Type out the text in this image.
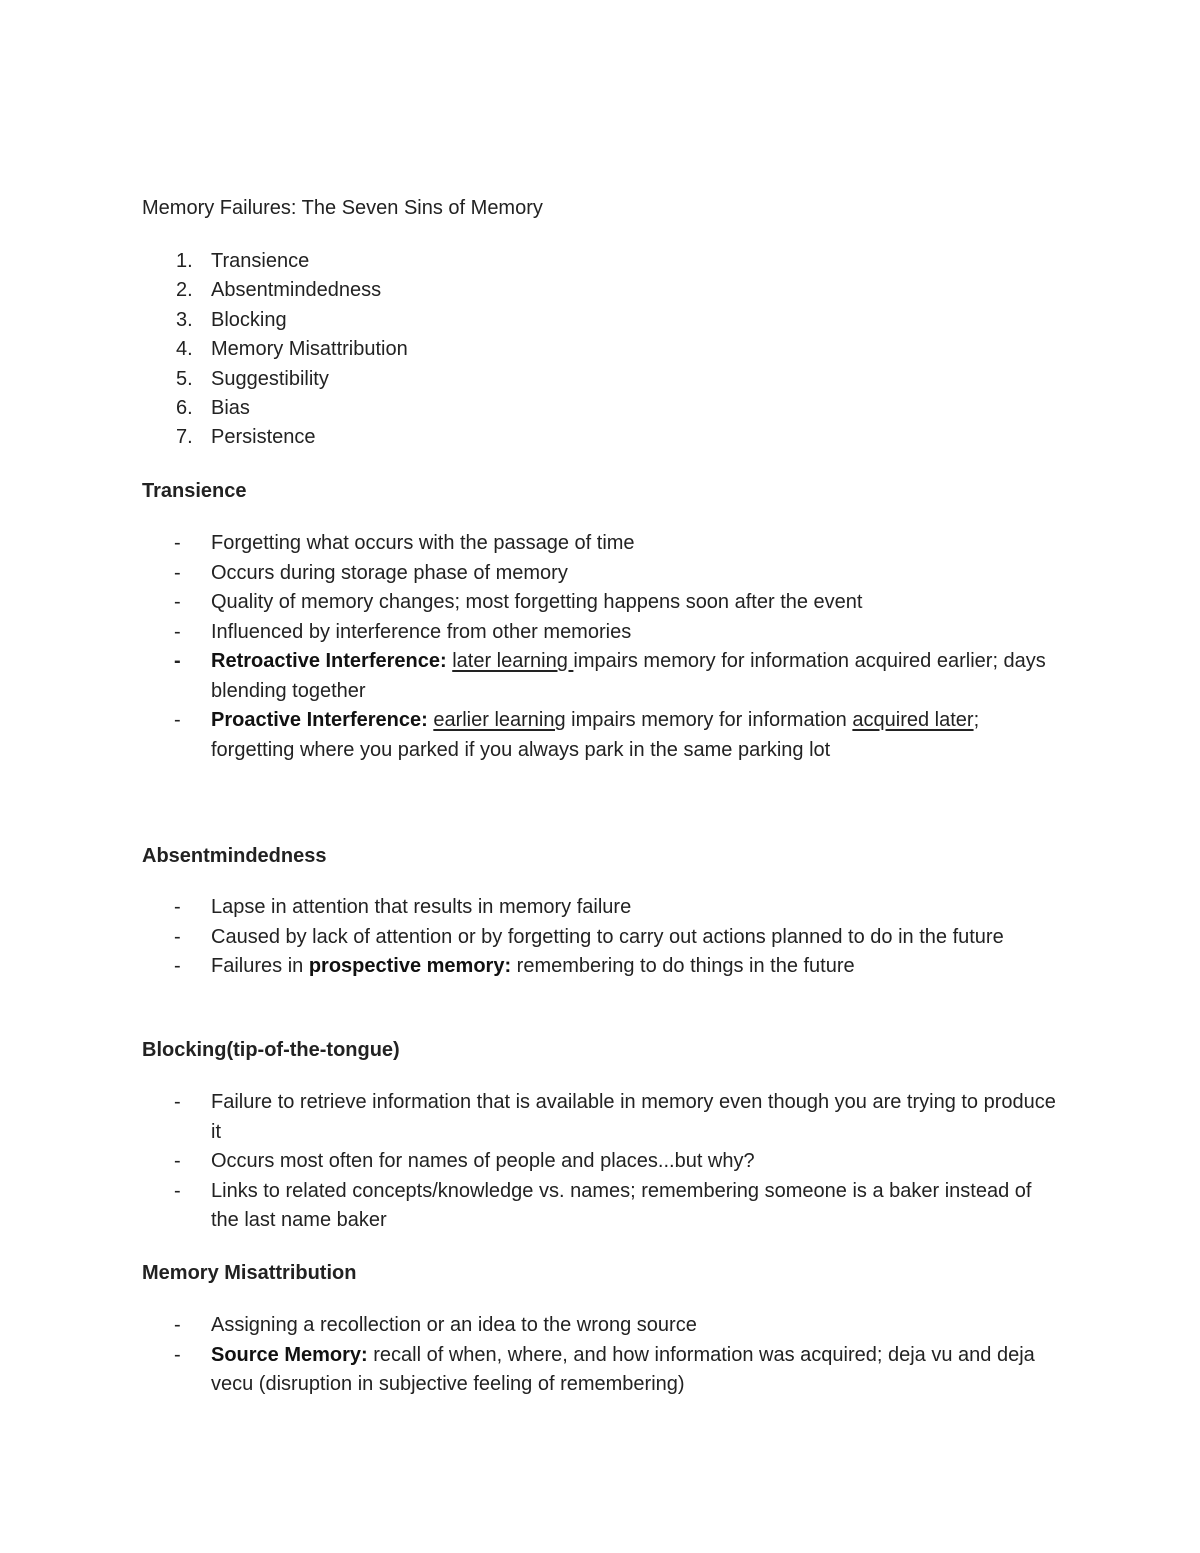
Memory Failures: The Seven Sins of Memory
1. Transience
2. Absentmindedness
3. Blocking
4. Memory Misattribution
5. Suggestibility
6. Bias
7. Persistence
Transience
- Forgetting what occurs with the passage of time
- Occurs during storage phase of memory
- Quality of memory changes; most forgetting happens soon after the event
- Influenced by interference from other memories
- Retroactive Interference: later learning impairs memory for information acquired earlier; days blending together
- Proactive Interference: earlier learning impairs memory for information acquired later; forgetting where you parked if you always park in the same parking lot
Absentmindedness
- Lapse in attention that results in memory failure
- Caused by lack of attention or by forgetting to carry out actions planned to do in the future
- Failures in prospective memory: remembering to do things in the future
Blocking(tip-of-the-tongue)
- Failure to retrieve information that is available in memory even though you are trying to produce it
- Occurs most often for names of people and places...but why?
- Links to related concepts/knowledge vs. names; remembering someone is a baker instead of the last name baker
Memory Misattribution
- Assigning a recollection or an idea to the wrong source
- Source Memory: recall of when, where, and how information was acquired; deja vu and deja vecu (disruption in subjective feeling of remembering)
